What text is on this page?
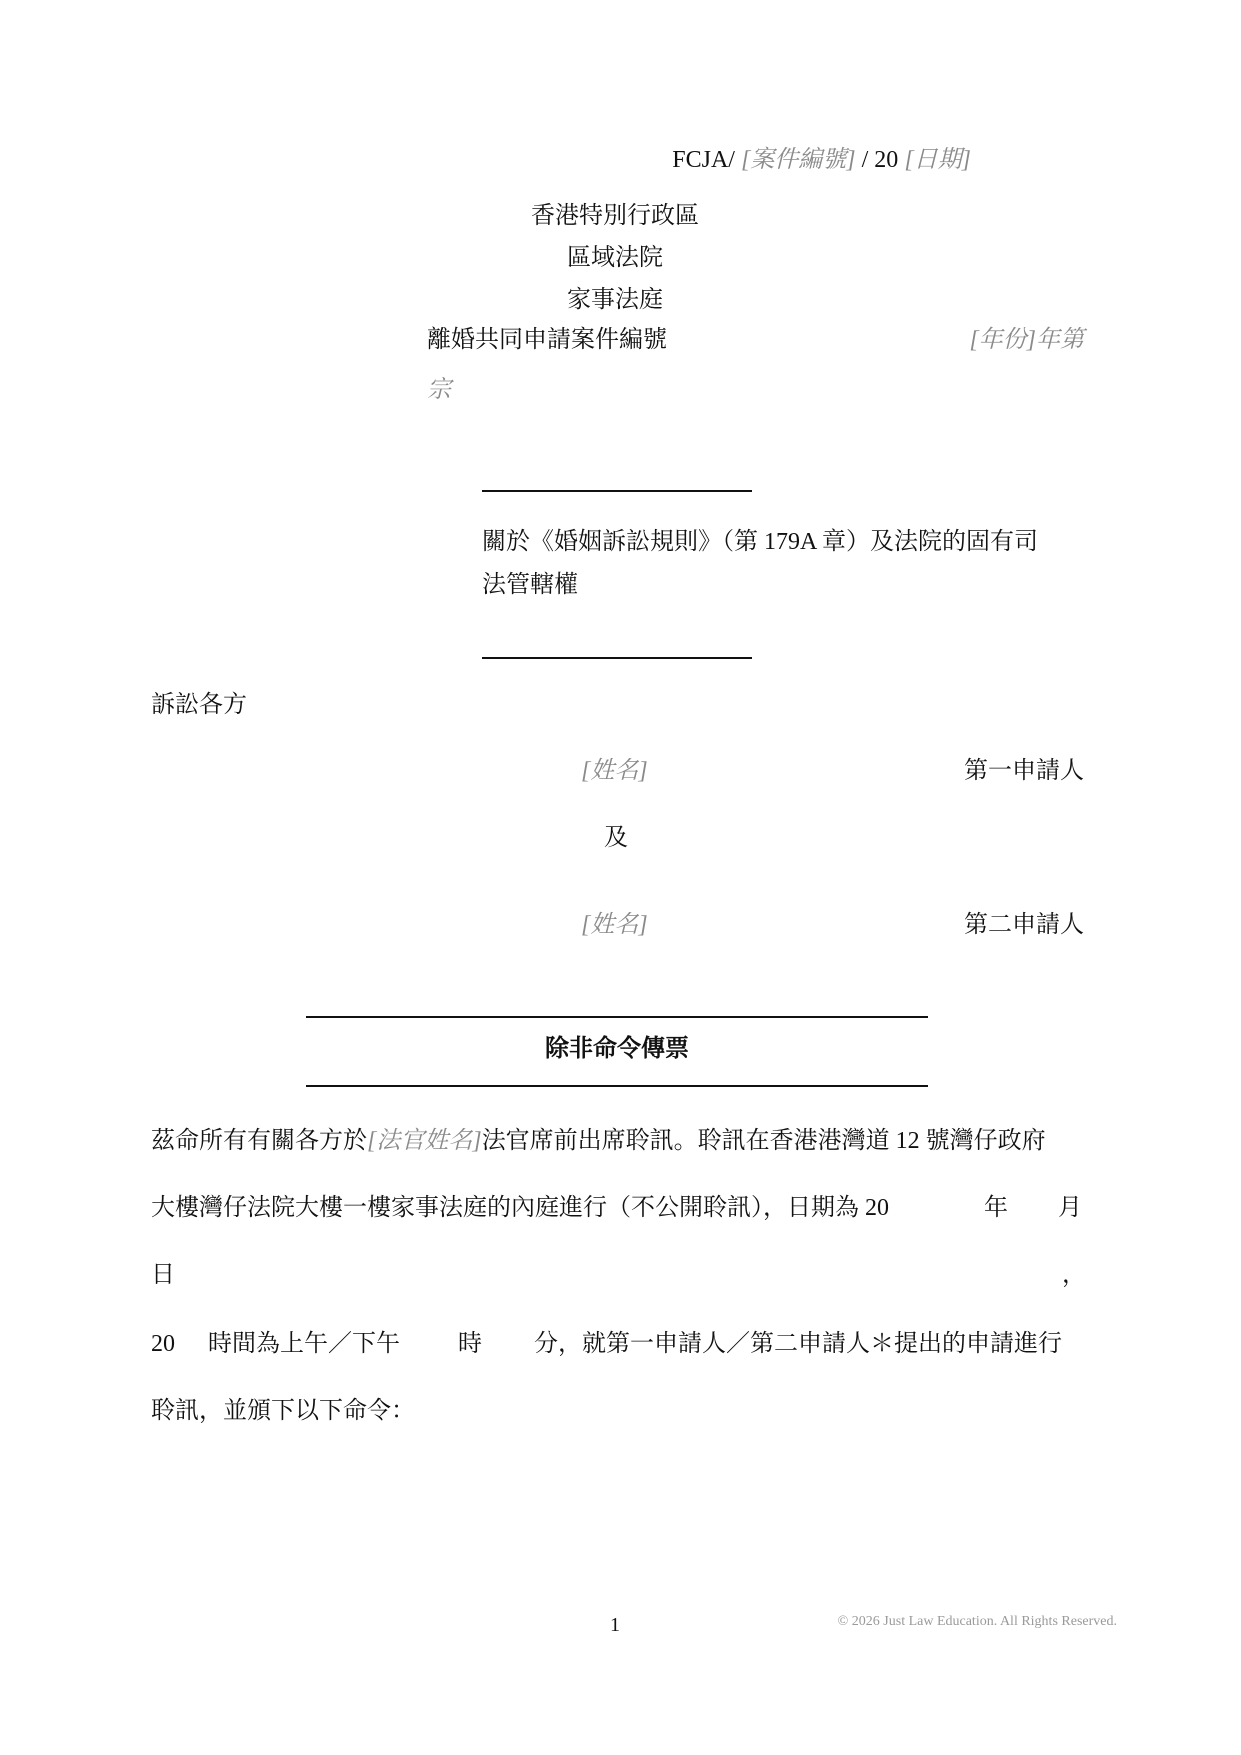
FCJA/ [案件編號] / 20 [日期]
香港特別行政區
區域法院
家事法庭
離婚共同申請案件編號	[年份]年第
宗
關於《婚姻訴訟規則》（第 179A 章）及法院的固有司
法管轄權
訴訟各方
[姓名]	第一申請人
及
[姓名]	第二申請人
除非命令傳票
茲命所有有關各方於[法官姓名]法官席前出席聆訊。聆訊在香港港灣道 12 號灣仔政府
大樓灣仔法院大樓一樓家事法庭的內庭進行（不公開聆訊），日期為 20	年 月
日	，
20 時間為上午／下午 時 分，就第一申請人／第二申請人＊提出的申請進行
聆訊，並頒下以下命令：
1	© 2026 Just Law Education. All Rights Reserved.
